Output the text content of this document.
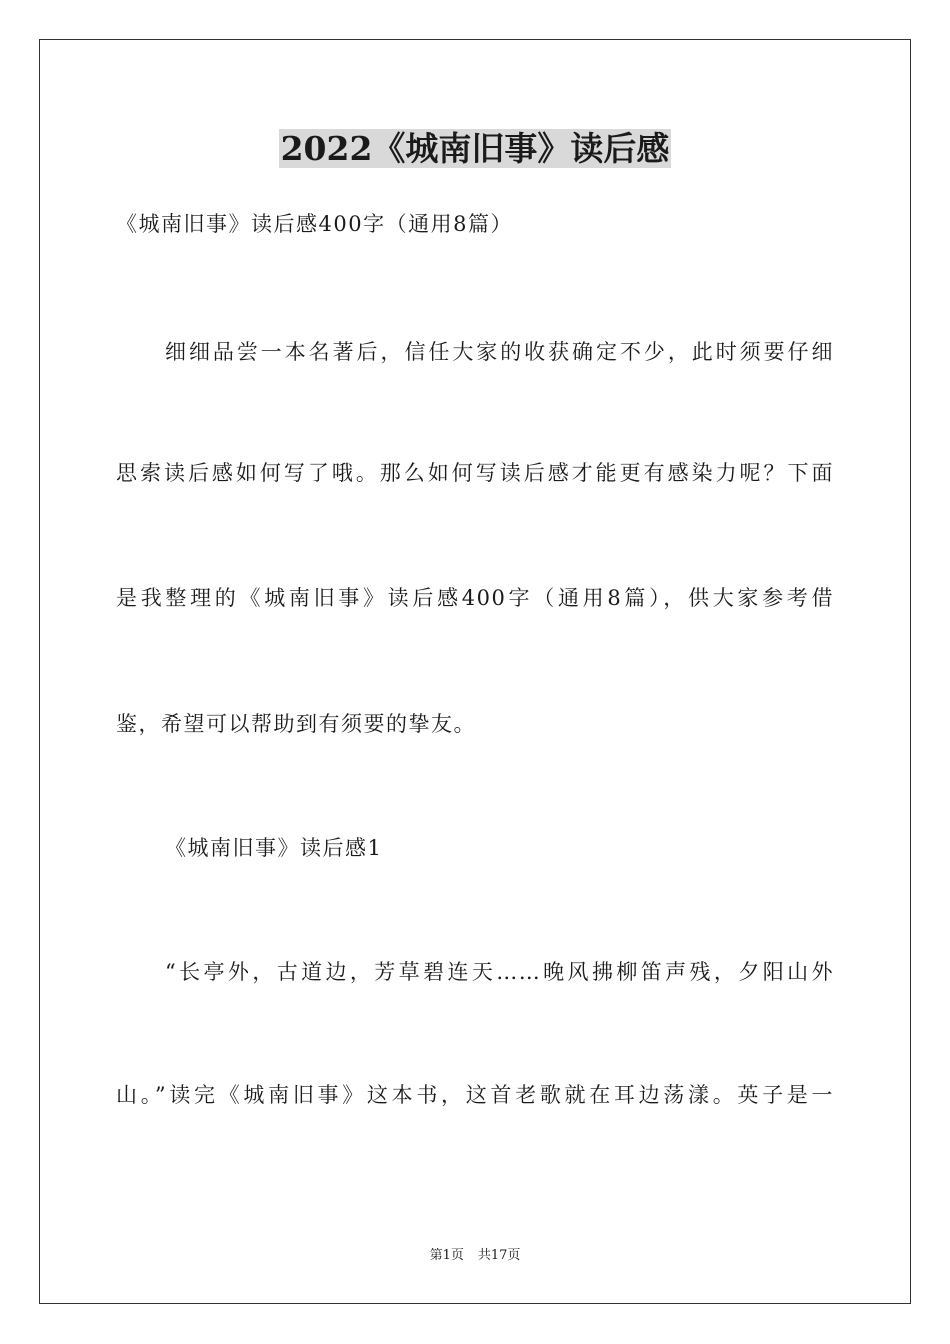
2022《城南旧事》读后感

《城南旧事》读后感400字（通用8篇）

细细品尝一本名著后，信任大家的收获确定不少，此时须要仔细

思索读后感如何写了哦。那么如何写读后感才能更有感染力呢？下面

是我整理的《城南旧事》读后感400字（通用8篇），供大家参考借

鉴，希望可以帮助到有须要的挚友。

《城南旧事》读后感1

“长亭外，古道边，芳草碧连天……晚风拂柳笛声残，夕阳山外

山。”读完《城南旧事》这本书，这首老歌就在耳边荡漾。英子是一

第1页 共17页
